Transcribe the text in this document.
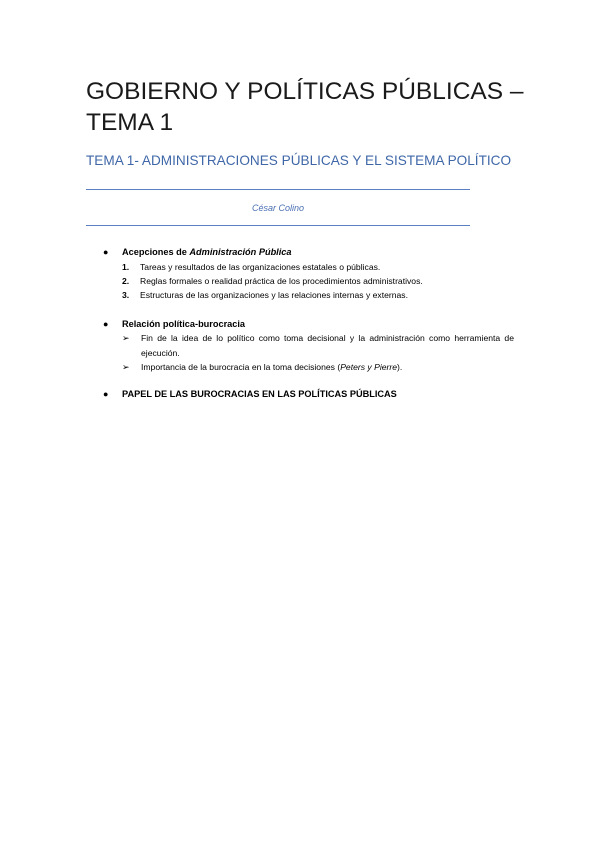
GOBIERNO Y POLÍTICAS PÚBLICAS – TEMA 1
TEMA 1- ADMINISTRACIONES PÚBLICAS Y EL SISTEMA POLÍTICO
César Colino
● Acepciones de Administración Pública
1. Tareas y resultados de las organizaciones estatales o públicas.
2. Reglas formales o realidad práctica de los procedimientos administrativos.
3. Estructuras de las organizaciones y las relaciones internas y externas.
● Relación política-burocracia
➢ Fin de la idea de lo político como toma decisional y la administración como herramienta de ejecución.
➢ Importancia de la burocracia en la toma decisiones (Peters y Pierre).
● PAPEL DE LAS BUROCRACIAS EN LAS POLÍTICAS PÚBLICAS
